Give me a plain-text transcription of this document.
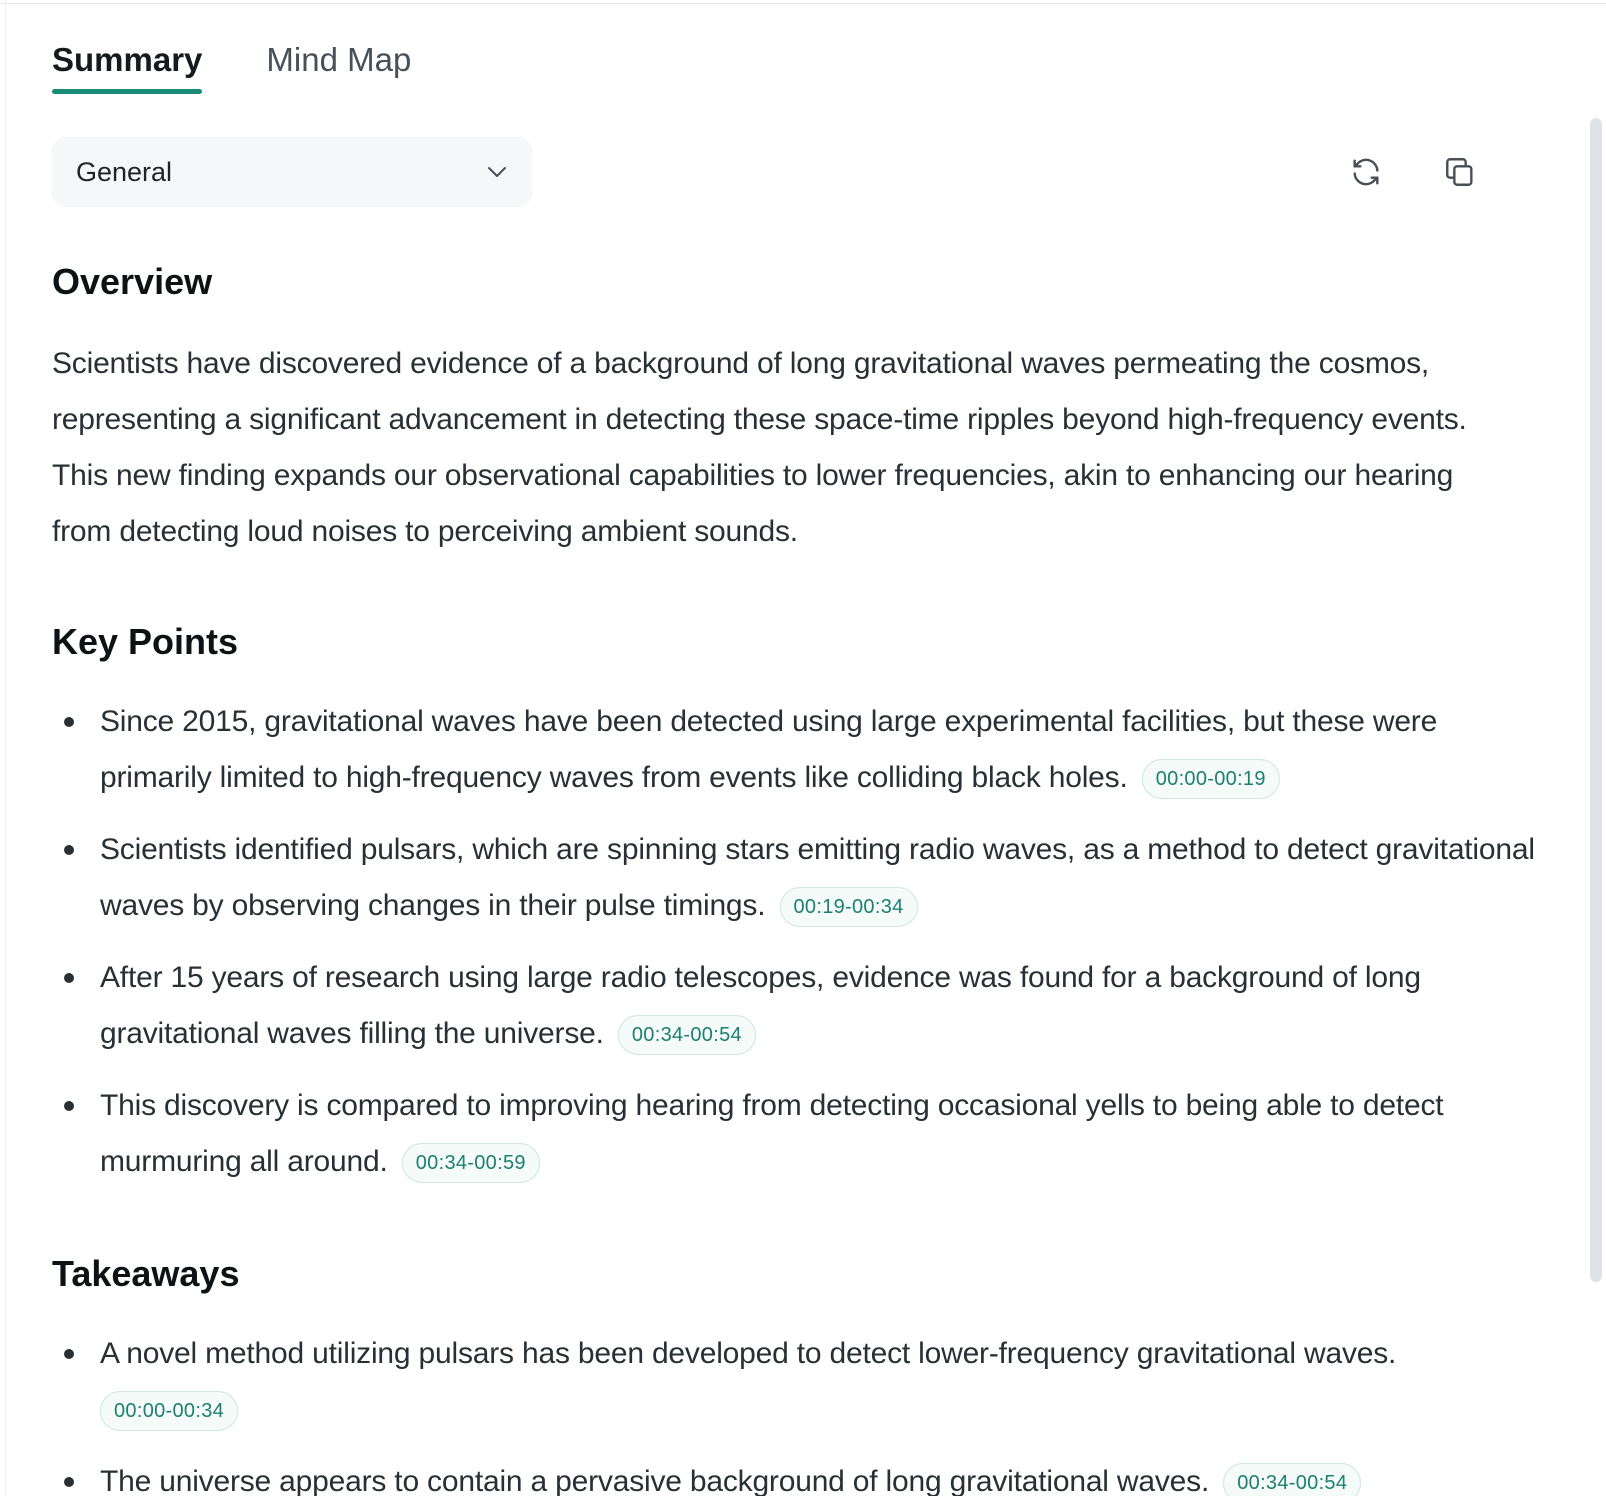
Summary Mind Map
General
Overview

Scientists have discovered evidence of a background of long gravitational waves permeating the cosmos, representing a significant advancement in detecting these space-time ripples beyond high-frequency events. This new finding expands our observational capabilities to lower frequencies, akin to enhancing our hearing from detecting loud noises to perceiving ambient sounds.

Key Points
Since 2015, gravitational waves have been detected using large experimental facilities, but these were primarily limited to high-frequency waves from events like colliding black holes. 00:00-00:19
Scientists identified pulsars, which are spinning stars emitting radio waves, as a method to detect gravitational waves by observing changes in their pulse timings. 00:19-00:34
After 15 years of research using large radio telescopes, evidence was found for a background of long gravitational waves filling the universe. 00:34-00:54
This discovery is compared to improving hearing from detecting occasional yells to being able to detect murmuring all around. 00:34-00:59
Takeaways
A novel method utilizing pulsars has been developed to detect lower-frequency gravitational waves. 00:00-00:34
The universe appears to contain a pervasive background of long gravitational waves. 00:34-00:54
